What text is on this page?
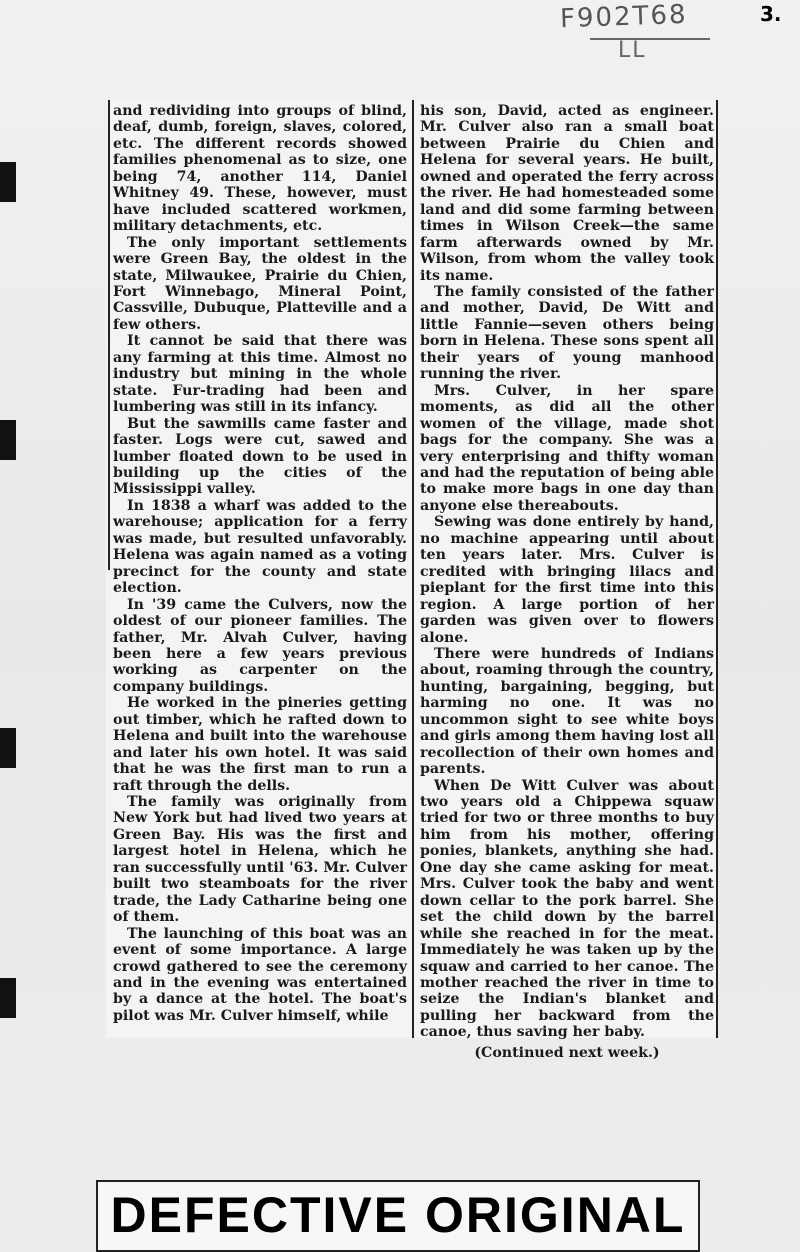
F902T68
LL
3.

and redividing into groups of blind, deaf, dumb, foreign, slaves, colored, etc. The different records showed families phenomenal as to size, one being 74, another 114, Daniel Whitney 49. These, however, must have included scattered workmen, military detachments, etc.

The only important settlements were Green Bay, the oldest in the state, Milwaukee, Prairie du Chien, Fort Winnebago, Mineral Point, Cassville, Dubuque, Platteville and a few others.

It cannot be said that there was any farming at this time. Almost no industry but mining in the whole state. Fur-trading had been and lumbering was still in its infancy.

But the sawmills came faster and faster. Logs were cut, sawed and lumber floated down to be used in building up the cities of the Mississippi valley.

In 1838 a wharf was added to the warehouse; application for a ferry was made, but resulted unfavorably. Helena was again named as a voting precinct for the county and state election.

In '39 came the Culvers, now the oldest of our pioneer families. The father, Mr. Alvah Culver, having been here a few years previous working as carpenter on the company buildings.

He worked in the pineries getting out timber, which he rafted down to Helena and built into the warehouse and later his own hotel. It was said that he was the first man to run a raft through the dells.

The family was originally from New York but had lived two years at Green Bay. His was the first and largest hotel in Helena, which he ran successfully until '63. Mr. Culver built two steamboats for the river trade, the Lady Catharine being one of them.

The launching of this boat was an event of some importance. A large crowd gathered to see the ceremony and in the evening was entertained by a dance at the hotel. The boat's pilot was Mr. Culver himself, while

his son, David, acted as engineer. Mr. Culver also ran a small boat between Prairie du Chien and Helena for several years. He built, owned and operated the ferry across the river. He had homesteaded some land and did some farming between times in Wilson Creek—the same farm afterwards owned by Mr. Wilson, from whom the valley took its name.

The family consisted of the father and mother, David, De Witt and little Fannie—seven others being born in Helena. These sons spent all their years of young manhood running the river.

Mrs. Culver, in her spare moments, as did all the other women of the village, made shot bags for the company. She was a very enterprising and thifty woman and had the reputation of being able to make more bags in one day than anyone else thereabouts.

Sewing was done entirely by hand, no machine appearing until about ten years later. Mrs. Culver is credited with bringing lilacs and pieplant for the first time into this region. A large portion of her garden was given over to flowers alone.

There were hundreds of Indians about, roaming through the country, hunting, bargaining, begging, but harming no one. It was no uncommon sight to see white boys and girls among them having lost all recollection of their own homes and parents.

When De Witt Culver was about two years old a Chippewa squaw tried for two or three months to buy him from his mother, offering ponies, blankets, anything she had. One day she came asking for meat. Mrs. Culver took the baby and went down cellar to the pork barrel. She set the child down by the barrel while she reached in for the meat. Immediately he was taken up by the squaw and carried to her canoe. The mother reached the river in time to seize the Indian's blanket and pulling her backward from the canoe, thus saving her baby.

(Continued next week.)

DEFECTIVE ORIGINAL
